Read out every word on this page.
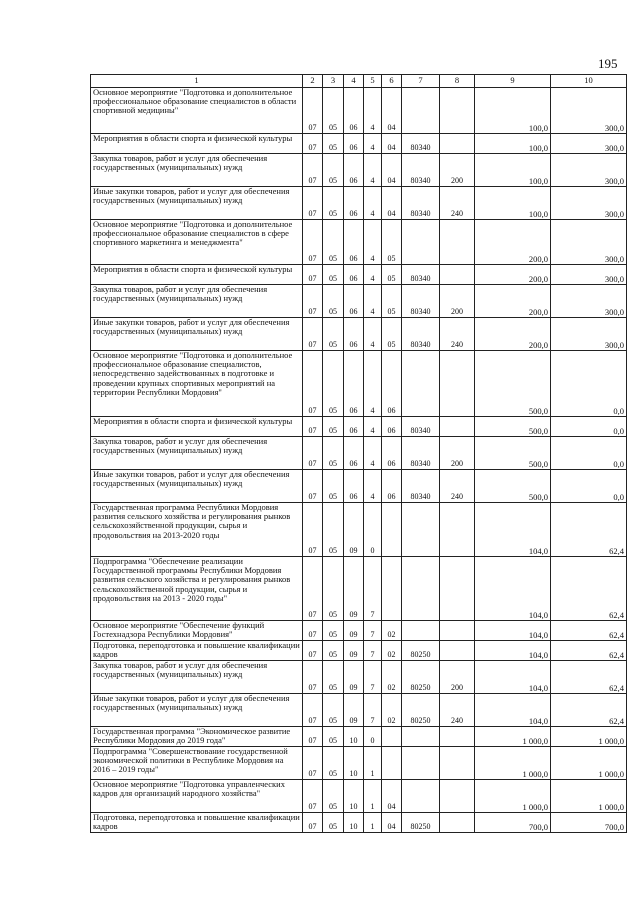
195
1	2	3	4	5	6	7	8	9	10
Основное мероприятие "Подготовка и дополнительное профессиональное образование специалистов в области спортивной медицины"	07	05	06	4	04			100,0	300,0
Мероприятия в области спорта и физической культуры	07	05	06	4	04	80340		100,0	300,0
Закупка товаров, работ и услуг для обеспечения государственных (муниципальных) нужд	07	05	06	4	04	80340	200	100,0	300,0
Иные закупки товаров, работ и услуг для обеспечения государственных (муниципальных) нужд	07	05	06	4	04	80340	240	100,0	300,0
Основное мероприятие "Подготовка и дополнительное профессиональное образование специалистов в сфере спортивного маркетинга и менеджмента"	07	05	06	4	05			200,0	300,0
Мероприятия в области спорта и физической культуры	07	05	06	4	05	80340		200,0	300,0
Закупка товаров, работ и услуг для обеспечения государственных (муниципальных) нужд	07	05	06	4	05	80340	200	200,0	300,0
Иные закупки товаров, работ и услуг для обеспечения государственных (муниципальных) нужд	07	05	06	4	05	80340	240	200,0	300,0
Основное мероприятие "Подготовка и дополнительное профессиональное образование специалистов, непосредственно задействованных в подготовке и проведении крупных спортивных мероприятий на территории Республики Мордовия"	07	05	06	4	06			500,0	0,0
Мероприятия в области спорта и физической культуры	07	05	06	4	06	80340		500,0	0,0
Закупка товаров, работ и услуг для обеспечения государственных (муниципальных) нужд	07	05	06	4	06	80340	200	500,0	0,0
Иные закупки товаров, работ и услуг для обеспечения государственных (муниципальных) нужд	07	05	06	4	06	80340	240	500,0	0,0
Государственная программа Республики Мордовия развития сельского хозяйства и регулирования рынков сельскохозяйственной продукции, сырья и продовольствия на 2013-2020 годы	07	05	09	0				104,0	62,4
Подпрограмма "Обеспечение реализации Государственной программы Республики Мордовия развития сельского хозяйства и регулирования рынков сельскохозяйственной продукции, сырья и продовольствия на 2013 - 2020 годы"	07	05	09	7				104,0	62,4
Основное мероприятие "Обеспечение функций Гостехнадзора Республики Мордовия"	07	05	09	7	02			104,0	62,4
Подготовка, переподготовка и повышение квалификации кадров	07	05	09	7	02	80250		104,0	62,4
Закупка товаров, работ и услуг для обеспечения государственных (муниципальных) нужд	07	05	09	7	02	80250	200	104,0	62,4
Иные закупки товаров, работ и услуг для обеспечения государственных (муниципальных) нужд	07	05	09	7	02	80250	240	104,0	62,4
Государственная программа "Экономическое развитие Республики Мордовия до 2019 года"	07	05	10	0				1 000,0	1 000,0
Подпрограмма "Совершенствование государственной экономической политики в Республике Мордовия на 2016 – 2019 годы"	07	05	10	1				1 000,0	1 000,0
Основное мероприятие "Подготовка управленческих кадров для организаций народного хозяйства"	07	05	10	1	04			1 000,0	1 000,0
Подготовка, переподготовка и повышение квалификации кадров	07	05	10	1	04	80250		700,0	700,0
